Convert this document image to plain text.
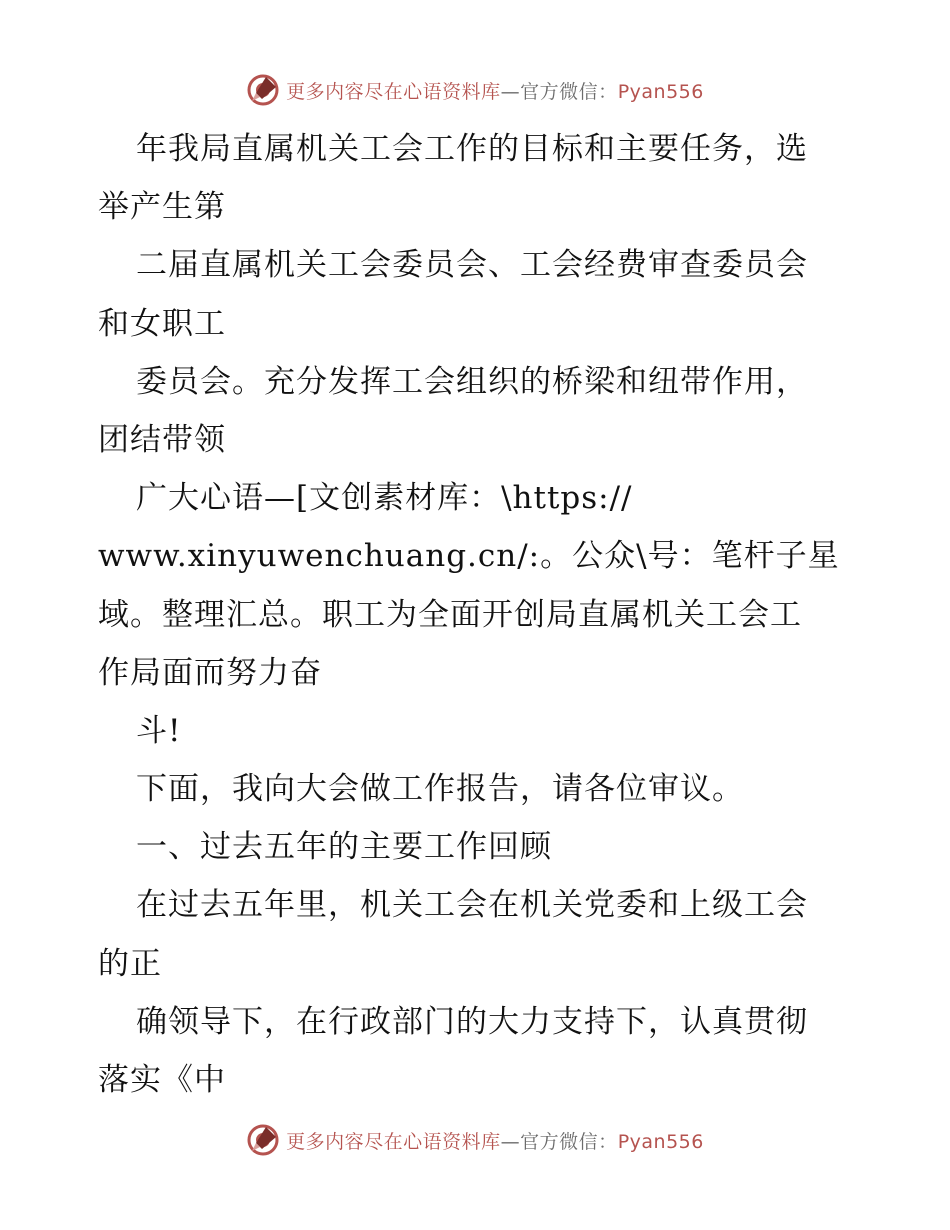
更多内容尽在心语资料库—官方微信：Pyan556
年我局直属机关工会工作的目标和主要任务，选
举产生第
二届直属机关工会委员会、工会经费审查委员会
和女职工
委员会。充分发挥工会组织的桥梁和纽带作用，
团结带领
广大心语—[文创素材库：\https://
www.xinyuwenchuang.cn/:。公众\号：笔杆子星
域。整理汇总。职工为全面开创局直属机关工会工
作局面而努力奋
斗!
下面，我向大会做工作报告，请各位审议。
一、过去五年的主要工作回顾
在过去五年里，机关工会在机关党委和上级工会
的正
确领导下，在行政部门的大力支持下，认真贯彻
落实《中
更多内容尽在心语资料库—官方微信：Pyan556
